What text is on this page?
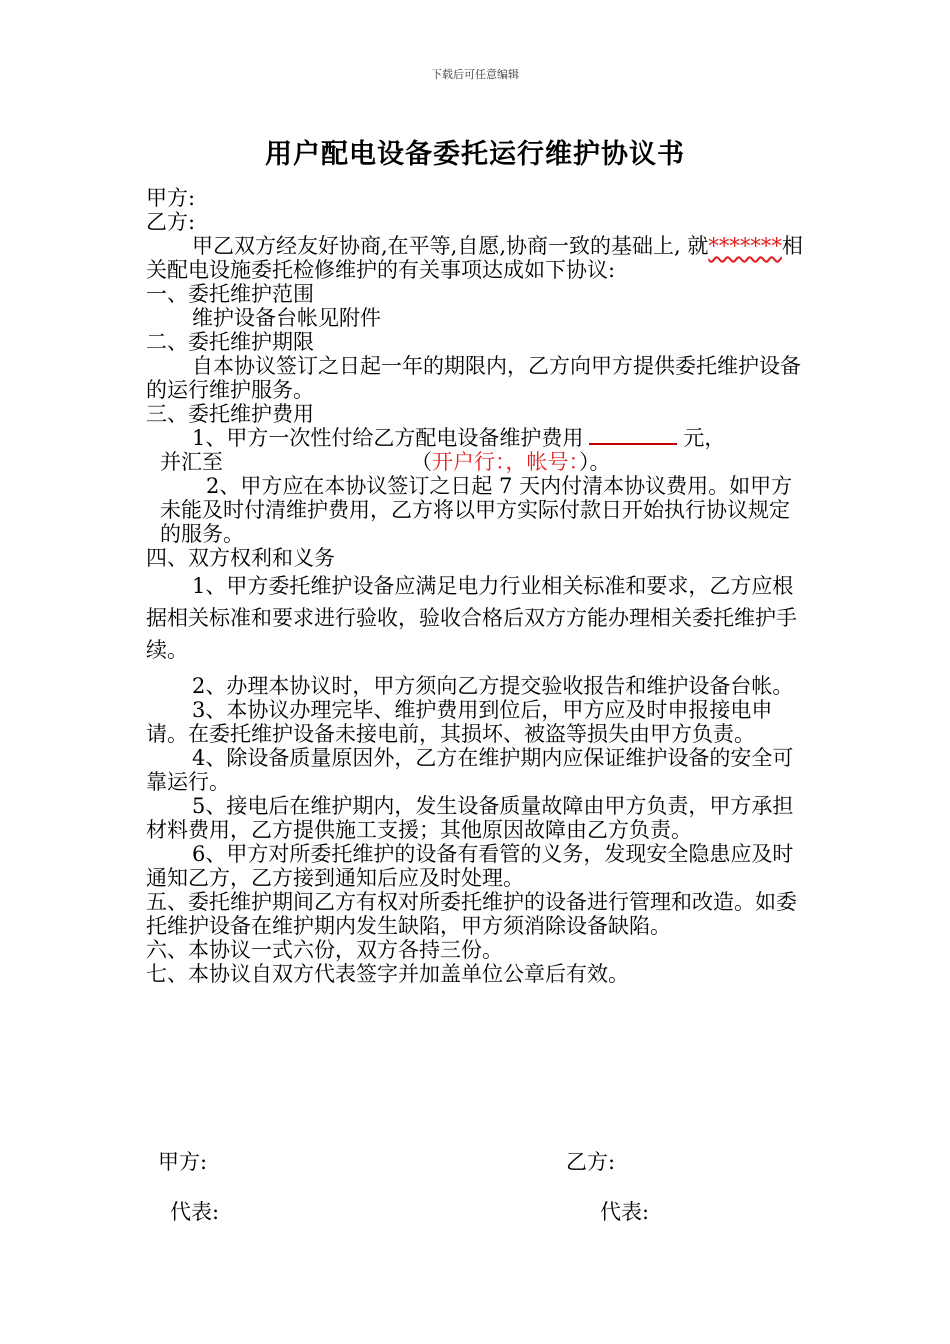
下载后可任意编辑
用户配电设备委托运行维护协议书

甲方:

乙方:

甲乙双方经友好协商,在平等,自愿,协商一致的基础上, 就*******相关配电设施委托检修维护的有关事项达成如下协议:

一、委托维护范围

维护设备台帐见附件

二、委托维护期限

自本协议签订之日起一年的期限内，乙方向甲方提供委托维护设备的运行维护服务。

三、委托维护费用

1、甲方一次性付给乙方配电设备维护费用	元，

并汇至	（开户行：，帐号：）。

2、甲方应在本协议签订之日起 7 天内付清本协议费用。如甲方未能及时付清维护费用，乙方将以甲方实际付款日开始执行协议规定的服务。

四、双方权利和义务

1、甲方委托维护设备应满足电力行业相关标准和要求，乙方应根据相关标准和要求进行验收，验收合格后双方方能办理相关委托维护手续。

2、办理本协议时，甲方须向乙方提交验收报告和维护设备台帐。

3、本协议办理完毕、维护费用到位后，甲方应及时申报接电申请。在委托维护设备未接电前，其损坏、被盗等损失由甲方负责。

4、除设备质量原因外，乙方在维护期内应保证维护设备的安全可靠运行。

5、接电后在维护期内，发生设备质量故障由甲方负责，甲方承担材料费用，乙方提供施工支援；其他原因故障由乙方负责。

6、甲方对所委托维护的设备有看管的义务，发现安全隐患应及时通知乙方，乙方接到通知后应及时处理。

五、委托维护期间乙方有权对所委托维护的设备进行管理和改造。如委托维护设备在维护期内发生缺陷，甲方须消除设备缺陷。

六、本协议一式六份，双方各持三份。

七、本协议自双方代表签字并加盖单位公章后有效。

甲方:	乙方:
代表:	代表:
